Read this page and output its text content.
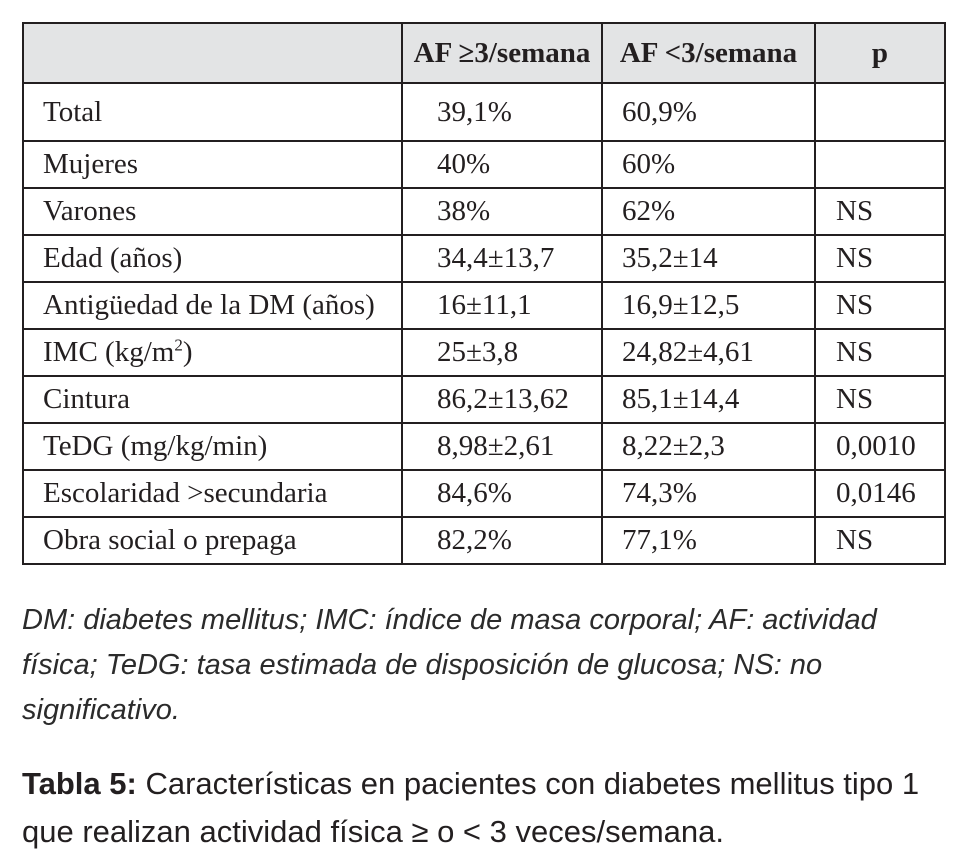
	AF ≥3/semana	AF <3/semana	p
Total	39,1%	60,9%	
Mujeres	40%	60%	
Varones	38%	62%	NS
Edad (años)	34,4±13,7	35,2±14	NS
Antigüedad de la DM (años)	16±11,1	16,9±12,5	NS
IMC $(kg/m^2)$	25±3,8	24,82±4,61	NS
Cintura	86,2±13,62	85,1±14,4	NS
TeDG (mg/kg/min)	8,98±2,61	8,22±2,3	0,0010
Escolaridad >secundaria	84,6%	74,3%	0,0146
Obra social o prepaga	82,2%	77,1%	NS

DM: diabetes mellitus; IMC: índice de masa corporal; AF: actividad física; TeDG: tasa estimada de disposición de glucosa; NS: no significativo.

Tabla 5: Características en pacientes con diabetes mellitus tipo 1 que realizan actividad física ≥ o < 3 veces/semana.
